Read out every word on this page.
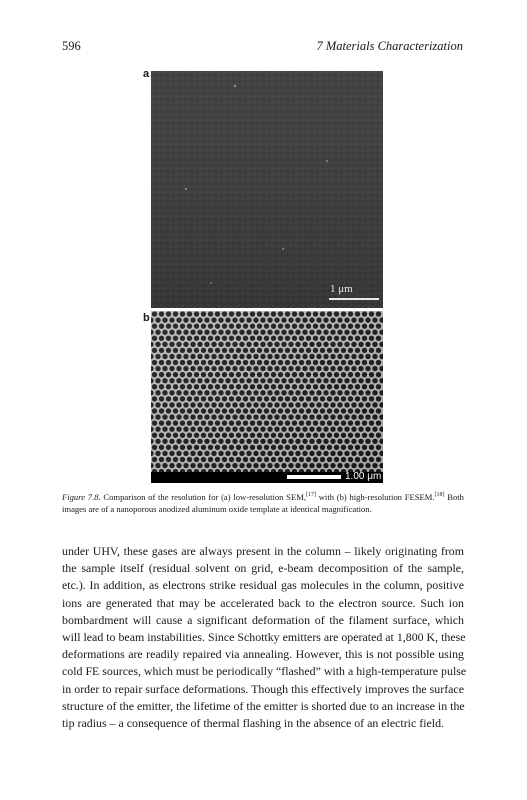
596	7 Materials Characterization
a
1 μm
b
1.00 μm
Figure 7.8. Comparison of the resolution for (a) low-resolution SEM,[17] with (b) high-resolution FESEM.[18] Both images are of a nanoporous anodized aluminum oxide template at identical magnification.
under UHV, these gases are always present in the column – likely originating from
the sample itself (residual solvent on grid, e-beam decomposition of the sample,
etc.). In addition, as electrons strike residual gas molecules in the column, positive
ions are generated that may be accelerated back to the electron source. Such ion
bombardment will cause a significant deformation of the filament surface, which
will lead to beam instabilities. Since Schottky emitters are operated at 1,800 K, these
deformations are readily repaired via annealing. However, this is not possible using
cold FE sources, which must be periodically “flashed” with a high-temperature pulse
in order to repair surface deformations. Though this effectively improves the surface
structure of the emitter, the lifetime of the emitter is shorted due to an increase in the
tip radius – a consequence of thermal flashing in the absence of an electric field.
